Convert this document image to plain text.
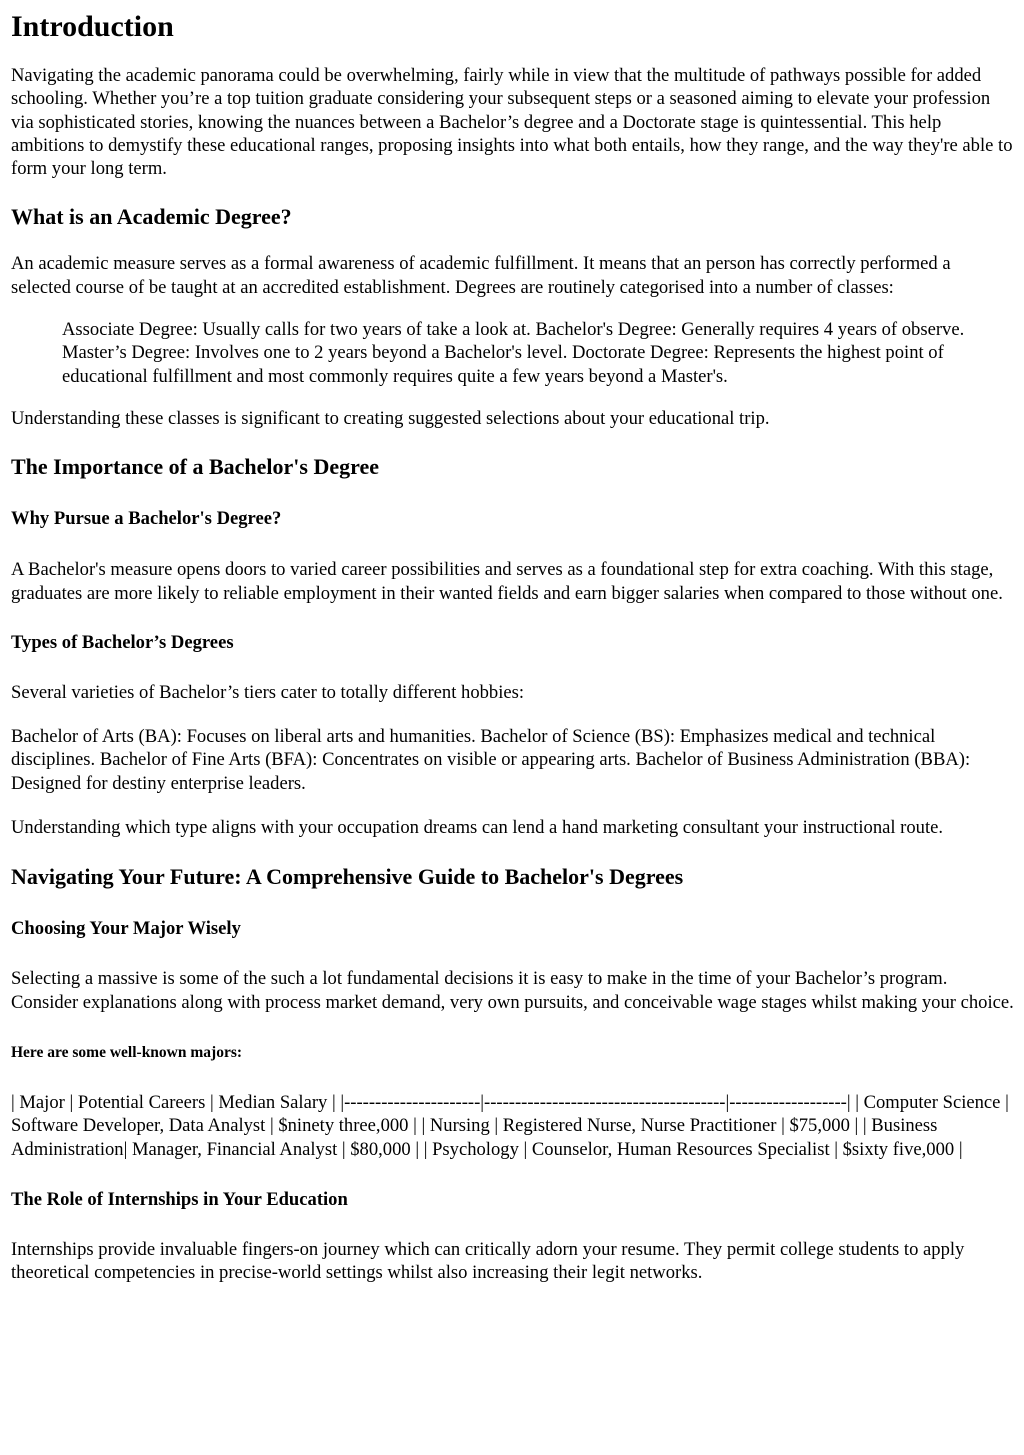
Introduction

Navigating the academic panorama could be overwhelming, fairly while in view that the multitude of pathways possible for added schooling. Whether you’re a top tuition graduate considering your subsequent steps or a seasoned aiming to elevate your profession via sophisticated stories, knowing the nuances between a Bachelor’s degree and a Doctorate stage is quintessential. This help ambitions to demystify these educational ranges, proposing insights into what both entails, how they range, and the way they're able to form your long term.

What is an Academic Degree?

An academic measure serves as a formal awareness of academic fulfillment. It means that an person has correctly performed a selected course of be taught at an accredited establishment. Degrees are routinely categorised into a number of classes:

Associate Degree: Usually calls for two years of take a look at. Bachelor's Degree: Generally requires 4 years of observe. Master’s Degree: Involves one to 2 years beyond a Bachelor's level. Doctorate Degree: Represents the highest point of educational fulfillment and most commonly requires quite a few years beyond a Master's.

Understanding these classes is significant to creating suggested selections about your educational trip.

The Importance of a Bachelor's Degree
Why Pursue a Bachelor's Degree?

A Bachelor's measure opens doors to varied career possibilities and serves as a foundational step for extra coaching. With this stage, graduates are more likely to reliable employment in their wanted fields and earn bigger salaries when compared to those without one.

Types of Bachelor’s Degrees

Several varieties of Bachelor’s tiers cater to totally different hobbies:

Bachelor of Arts (BA): Focuses on liberal arts and humanities. Bachelor of Science (BS): Emphasizes medical and technical disciplines. Bachelor of Fine Arts (BFA): Concentrates on visible or appearing arts. Bachelor of Business Administration (BBA): Designed for destiny enterprise leaders.

Understanding which type aligns with your occupation dreams can lend a hand marketing consultant your instructional route.

Navigating Your Future: A Comprehensive Guide to Bachelor's Degrees
Choosing Your Major Wisely

Selecting a massive is some of the such a lot fundamental decisions it is easy to make in the time of your Bachelor’s program. Consider explanations along with process market demand, very own pursuits, and conceivable wage stages whilst making your choice.

Here are some well-known majors:

| Major | Potential Careers | Median Salary | |----------------------|---------------------------------------|-------------------| | Computer Science | Software Developer, Data Analyst | $ninety three,000 | | Nursing | Registered Nurse, Nurse Practitioner | $75,000 | | Business Administration| Manager, Financial Analyst | $80,000 | | Psychology | Counselor, Human Resources Specialist | $sixty five,000 |

The Role of Internships in Your Education

Internships provide invaluable fingers-on journey which can critically adorn your resume. They permit college students to apply theoretical competencies in precise-world settings whilst also increasing their legit networks.
